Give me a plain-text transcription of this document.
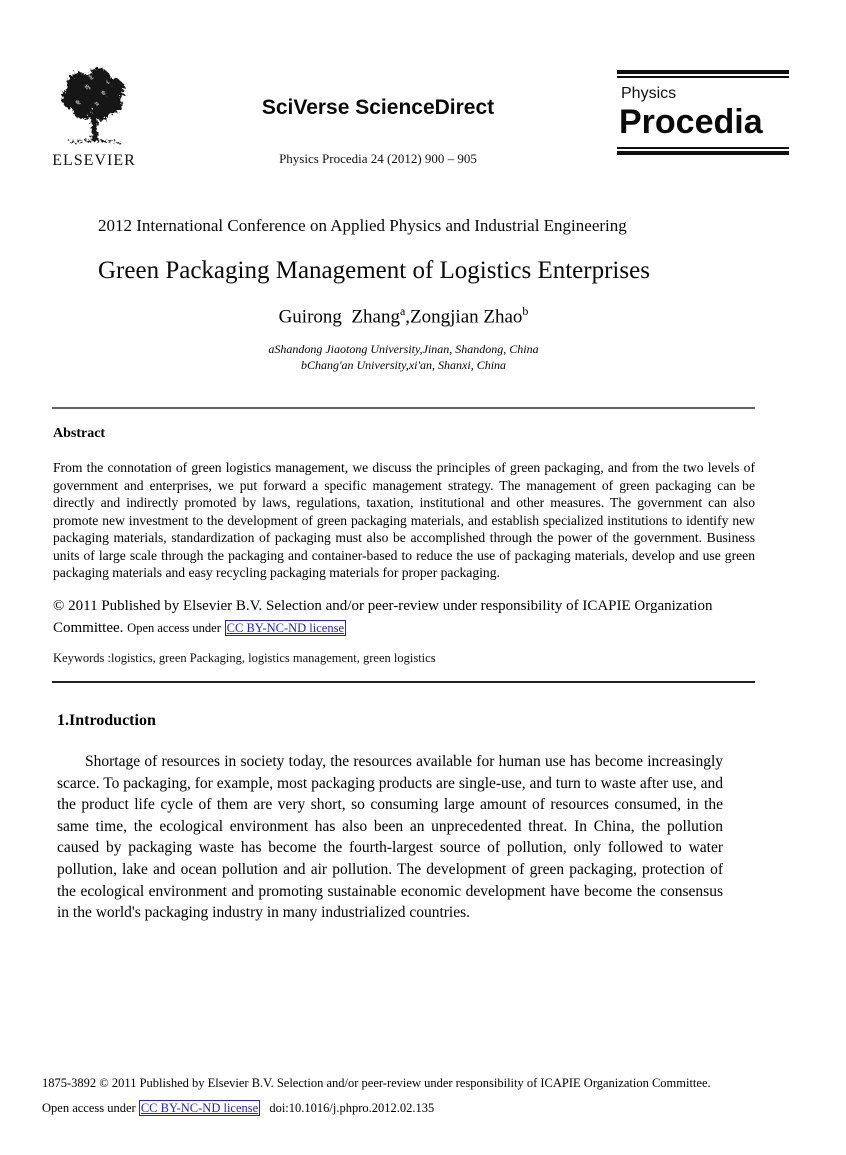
ELSEVIER
SciVerse ScienceDirect
Physics Procedia 24 (2012) 900 – 905
Physics
Procedia
2012 International Conference on Applied Physics and Industrial Engineering
Green Packaging Management of Logistics Enterprises

Guirong  Zhang$^a$,Zongjian Zhao$^b$

aShandong Jiaotong University,Jinan, Shandong, China
bChang'an University,xi'an, Shanxi, China
Abstract

From the connotation of green logistics management, we discuss the principles of green packaging, and from the two levels of government and enterprises, we put forward a specific management strategy. The management of green packaging can be directly and indirectly promoted by laws, regulations, taxation, institutional and other measures. The government can also promote new investment to the development of green packaging materials, and establish specialized institutions to identify new packaging materials, standardization of packaging must also be accomplished through the power of the government. Business units of large scale through the packaging and container-based to reduce the use of packaging materials, develop and use green packaging materials and easy recycling packaging materials for proper packaging.

© 2011 Published by Elsevier B.V. Selection and/or peer-review under responsibility of ICAPIE Organization Committee. Open access under CC BY-NC-ND license

Keywords :logistics, green Packaging, logistics management, green logistics

1.Introduction

Shortage of resources in society today, the resources available for human use has become increasingly scarce. To packaging, for example, most packaging products are single-use, and turn to waste after use, and the product life cycle of them are very short, so consuming large amount of resources consumed, in the same time, the ecological environment has also been an unprecedented threat. In China, the pollution caused by packaging waste has become the fourth-largest source of pollution, only followed to water pollution, lake and ocean pollution and air pollution. The development of green packaging, protection of the ecological environment and promoting sustainable economic development have become the consensus in the world's packaging industry in many industrialized countries.

1875-3892 © 2011 Published by Elsevier B.V. Selection and/or peer-review under responsibility of ICAPIE Organization Committee.
Open access under CC BY-NC-ND license doi:10.1016/j.phpro.2012.02.135
